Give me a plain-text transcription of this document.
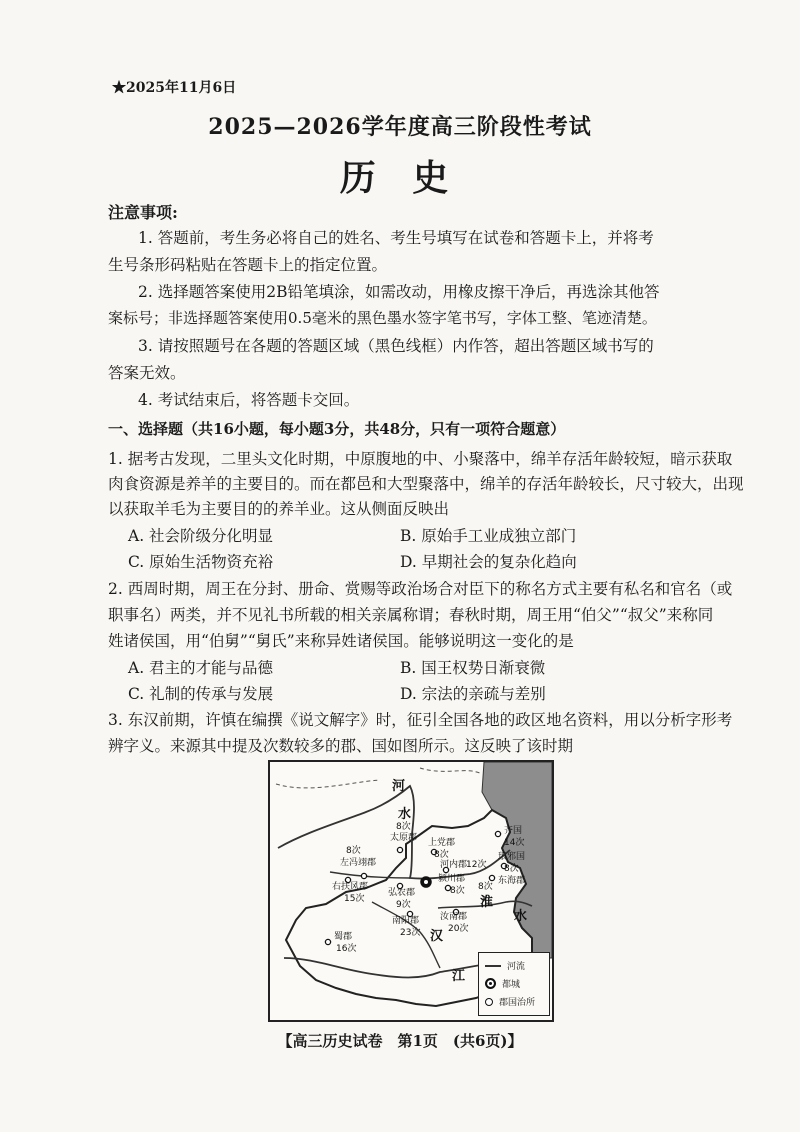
★2025年11月6日
2025—2026学年度高三阶段性考试
历 史
注意事项:
1. 答题前，考生务必将自己的姓名、考生号填写在试卷和答题卡上，并将考
生号条形码粘贴在答题卡上的指定位置。
2. 选择题答案使用2B铅笔填涂，如需改动，用橡皮擦干净后，再选涂其他答
案标号；非选择题答案使用0.5毫米的黑色墨水签字笔书写，字体工整、笔迹清楚。
3. 请按照题号在各题的答题区域（黑色线框）内作答，超出答题区域书写的
答案无效。
4. 考试结束后，将答题卡交回。
一、选择题（共16小题，每小题3分，共48分，只有一项符合题意）
1. 据考古发现，二里头文化时期，中原腹地的中、小聚落中，绵羊存活年龄较短，暗示获取
肉食资源是养羊的主要目的。而在都邑和大型聚落中，绵羊的存活年龄较长，尺寸较大，出现
以获取羊毛为主要目的的养羊业。这从侧面反映出
A. 社会阶级分化明显	B. 原始手工业成独立部门
C. 原始生活物资充裕	D. 早期社会的复杂化趋向
2. 西周时期，周王在分封、册命、赏赐等政治场合对臣下的称名方式主要有私名和官名（或
职事名）两类，并不见礼书所载的相关亲属称谓；春秋时期，周王用“伯父”“叔父”来称同
姓诸侯国，用“伯舅”“舅氏”来称异姓诸侯国。能够说明这一变化的是
A. 君主的才能与品德	B. 国王权势日渐衰微
C. 礼制的传承与发展	D. 宗法的亲疏与差别
3. 东汉前期，许慎在编撰《说文解字》时，征引全国各地的政区地名资料，用以分析字形考
辨字义。来源其中提及次数较多的郡、国如图所示。这反映了该时期
河
水
淮
水
江
汉
8次
太原郡
8次
左冯翊郡
右扶风郡
15次
弘农郡
9次
南阳郡
23次
上党郡
8次
河内郡
12次
颍川郡
8次
汝南郡
20次
齐国
14次
琅邪国
8次
东海郡
8次
蜀郡
16次
河流
都城
郡国治所
【高三历史试卷　第1页　(共6页)】
